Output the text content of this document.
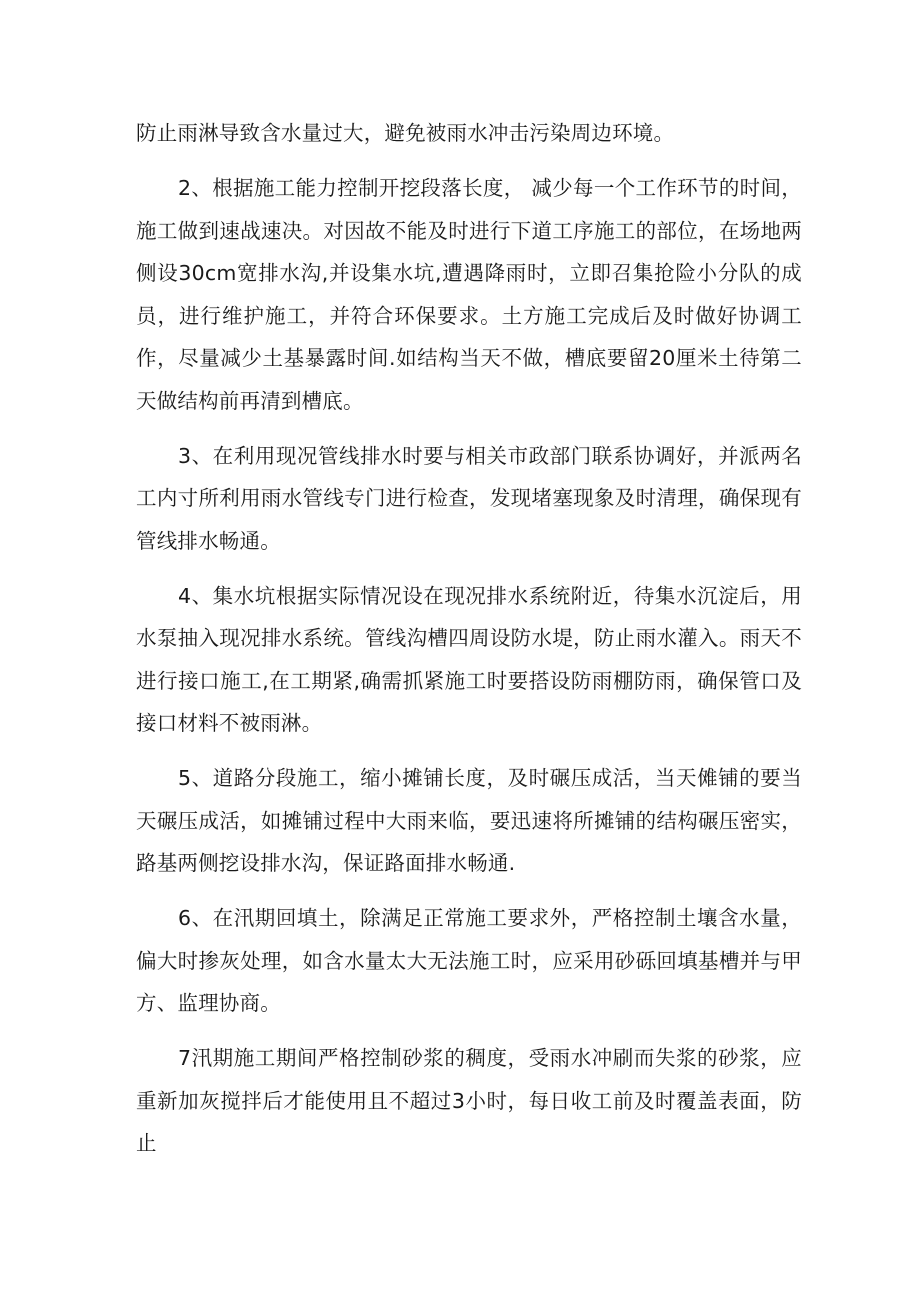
防止雨淋导致含水量过大，避免被雨水冲击污染周边环境。

2、根据施工能力控制开挖段落长度， 减少每一个工作环节的时间，施工做到速战速决。对因故不能及时进行下道工序施工的部位，在场地两侧设30cm宽排水沟,并设集水坑,遭遇降雨时，立即召集抢险小分队的成员，进行维护施工，并符合环保要求。土方施工完成后及时做好协调工作，尽量减少土基暴露时间.如结构当天不做，槽底要留20厘米土待第二天做结构前再清到槽底。

3、在利用现况管线排水时要与相关市政部门联系协调好，并派两名工内寸所利用雨水管线专门进行检查，发现堵塞现象及时清理，确保现有管线排水畅通。

4、集水坑根据实际情况设在现况排水系统附近，待集水沉淀后，用水泵抽入现况排水系统。管线沟槽四周设防水堤，防止雨水灌入。雨天不进行接口施工,在工期紧,确需抓紧施工时要搭设防雨棚防雨，确保管口及接口材料不被雨淋。

5、道路分段施工，缩小摊铺长度，及时碾压成活，当天傩铺的要当天碾压成活，如摊铺过程中大雨来临，要迅速将所摊铺的结构碾压密实，路基两侧挖设排水沟，保证路面排水畅通.

6、在汛期回填土，除满足正常施工要求外，严格控制土壤含水量，偏大时掺灰处理，如含水量太大无法施工时，应采用砂砾回填基槽并与甲方、监理协商。

7汛期施工期间严格控制砂浆的稠度，受雨水冲刷而失浆的砂浆，应重新加灰搅拌后才能使用且不超过3小时，每日收工前及时覆盖表面，防止
